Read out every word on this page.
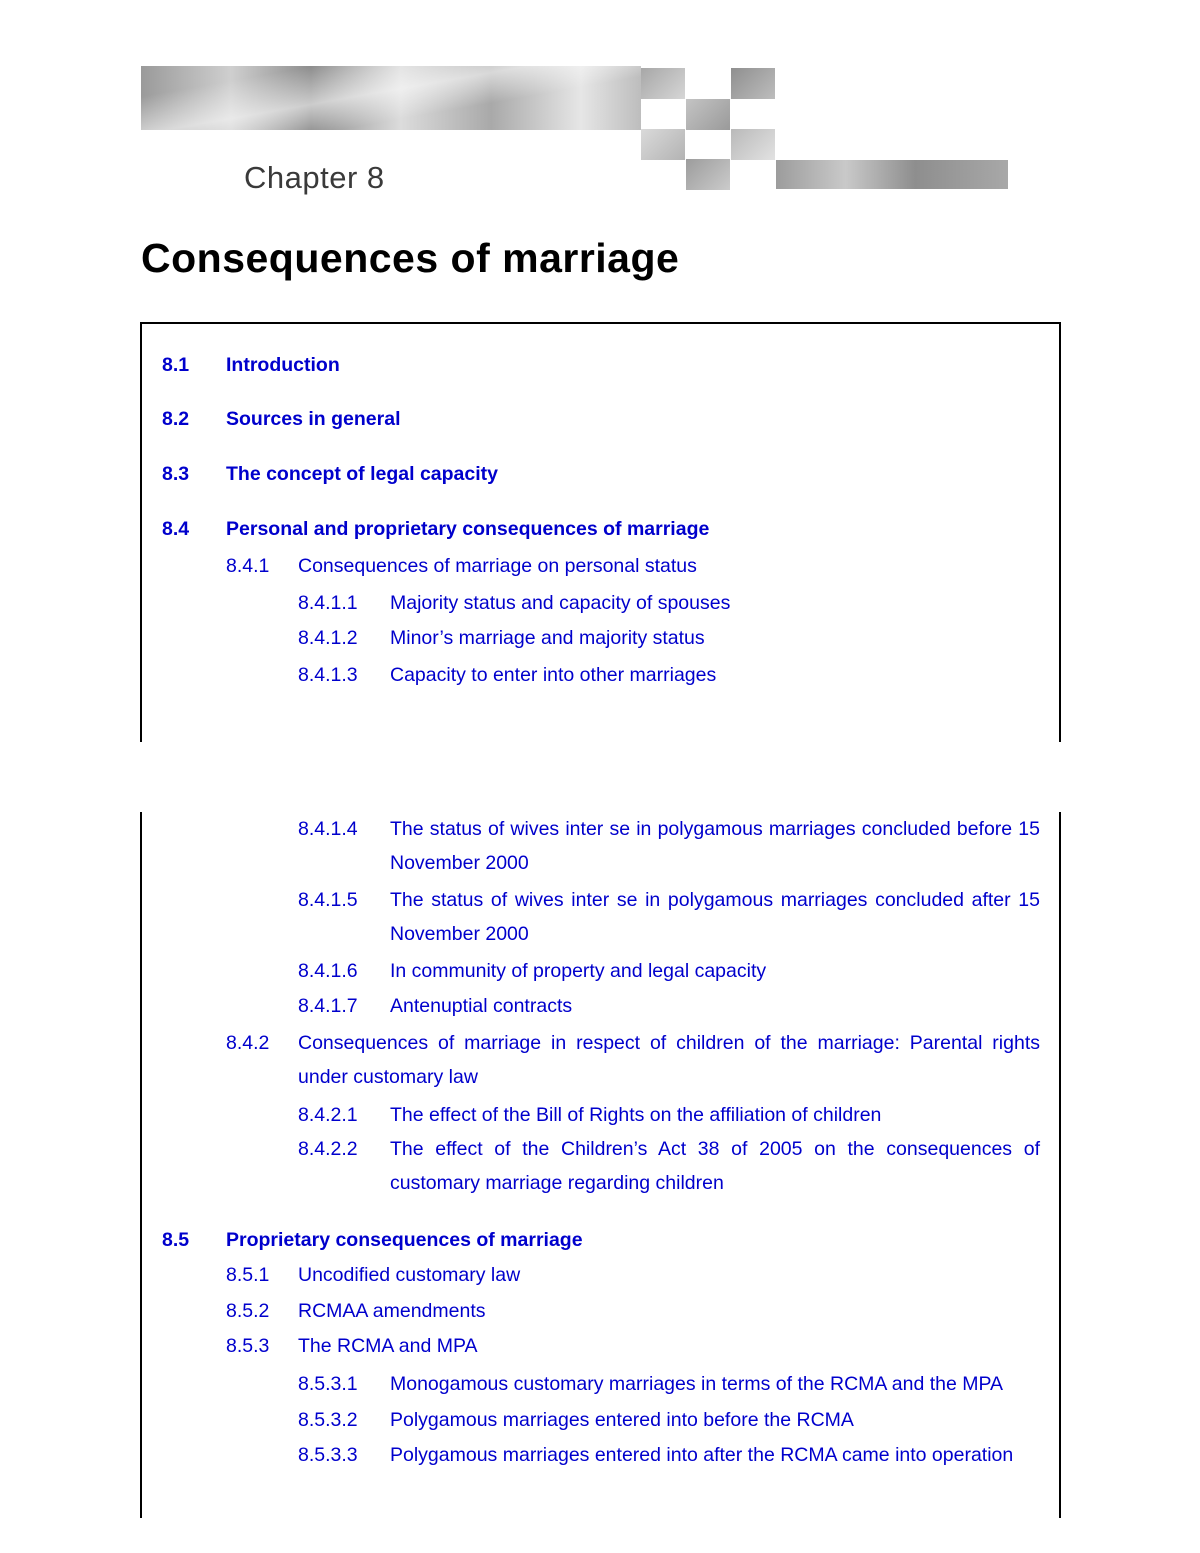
Chapter 8
Consequences of marriage
8.1 Introduction
8.2 Sources in general
8.3 The concept of legal capacity
8.4 Personal and proprietary consequences of marriage
8.4.1 Consequences of marriage on personal status
8.4.1.1 Majority status and capacity of spouses
8.4.1.2 Minor’s marriage and majority status
8.4.1.3 Capacity to enter into other marriages
8.4.1.4 The status of wives inter se in polygamous marriages concluded before 15 November 2000
8.4.1.5 The status of wives inter se in polygamous marriages concluded after 15 November 2000
8.4.1.6 In community of property and legal capacity
8.4.1.7 Antenuptial contracts
8.4.2 Consequences of marriage in respect of children of the marriage: Parental rights under customary law
8.4.2.1 The effect of the Bill of Rights on the affiliation of children
8.4.2.2 The effect of the Children’s Act 38 of 2005 on the consequences of customary marriage regarding children
8.5 Proprietary consequences of marriage
8.5.1 Uncodified customary law
8.5.2 RCMAA amendments
8.5.3 The RCMA and MPA
8.5.3.1 Monogamous customary marriages in terms of the RCMA and the MPA
8.5.3.2 Polygamous marriages entered into before the RCMA
8.5.3.3 Polygamous marriages entered into after the RCMA came into operation
